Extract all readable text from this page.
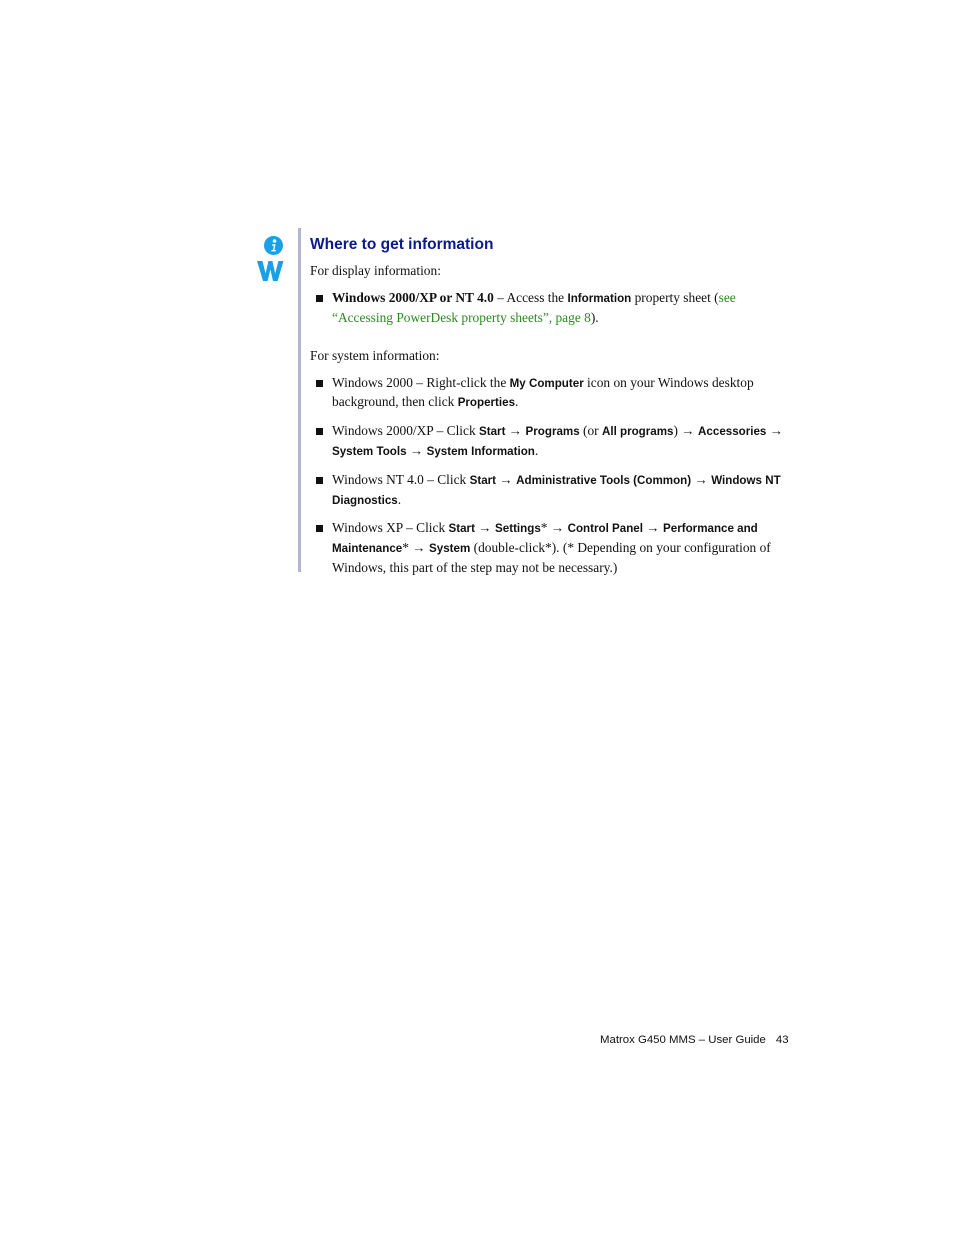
Where to get information

For display information:

Windows 2000/XP or NT 4.0 – Access the Information property sheet (see “Accessing PowerDesk property sheets”, page 8).

For system information:

Windows 2000 – Right-click the My Computer icon on your Windows desktop background, then click Properties.
Windows 2000/XP – Click Start → Programs (or All programs) → Accessories → System Tools → System Information.
Windows NT 4.0 – Click Start → Administrative Tools (Common) → Windows NT Diagnostics.
Windows XP – Click Start → Settings* → Control Panel → Performance and Maintenance* → System (double-click*). (* Depending on your configuration of Windows, this part of the step may not be necessary.)
Matrox G450 MMS – User Guide 43
